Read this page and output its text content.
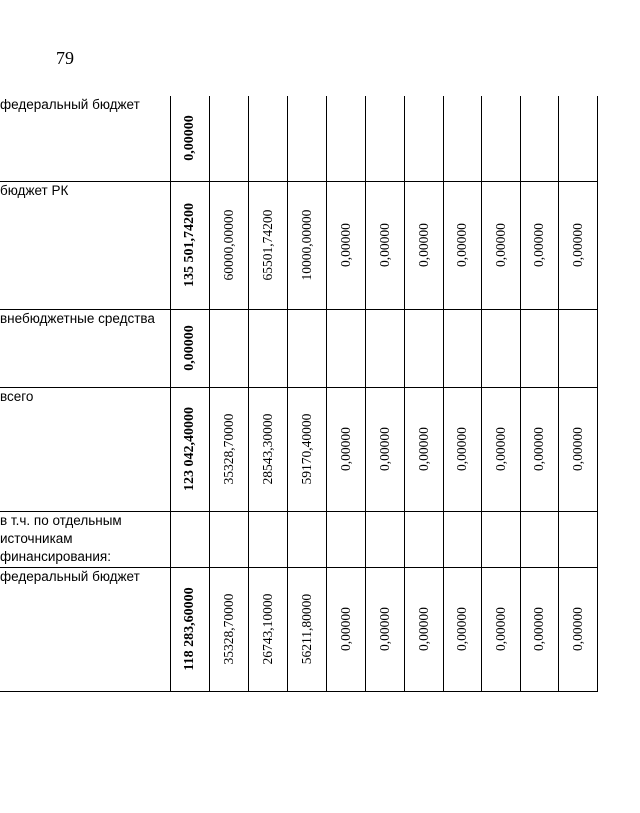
79
федеральный бюджет	0,00000										

бюджет РК	135 501,74200	60000,00000	65501,74200	10000,00000	0,00000	0,00000	0,00000	0,00000	0,00000	0,00000	0,00000

внебюджетные средства	0,00000										

всего	123 042,40000	35328,70000	28543,30000	59170,40000	0,00000	0,00000	0,00000	0,00000	0,00000	0,00000	0,00000

в т.ч. по отдельным источникам финансирования:	

федеральный бюджет	118 283,60000	35328,70000	26743,10000	56211,80000	0,00000	0,00000	0,00000	0,00000	0,00000	0,00000	0,00000
